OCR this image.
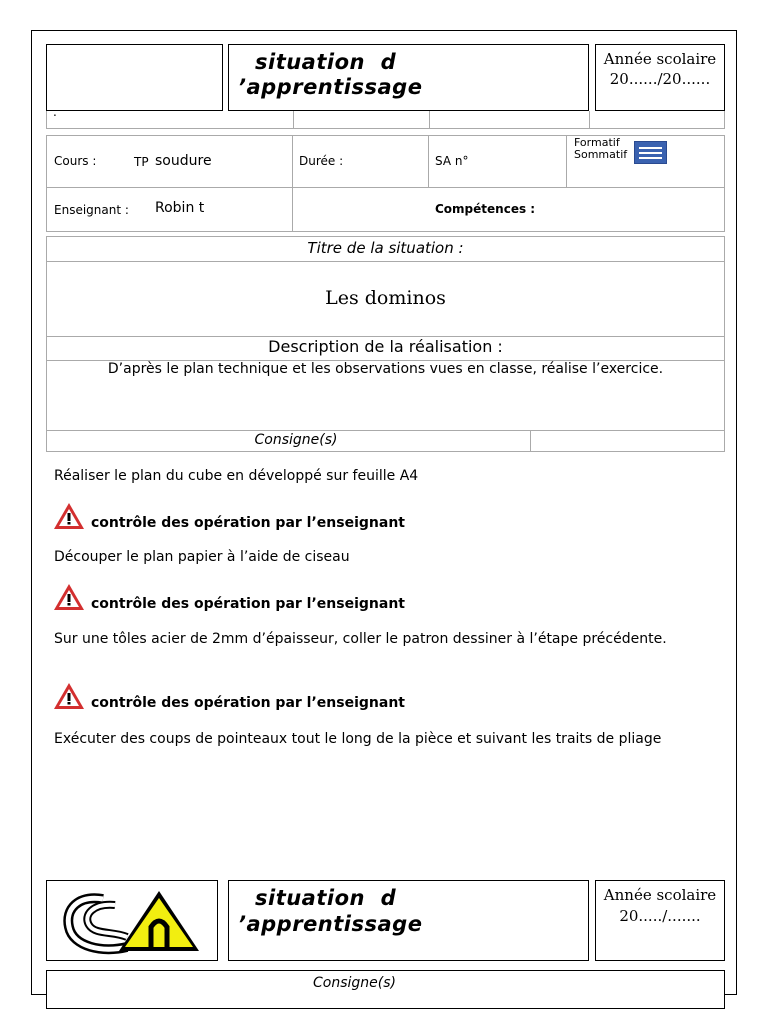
situation  d
’apprentissage
Année scolaire
20....../20......
.
Cours :	TP soudure	Durée :	SA n°
Formatif
Sommatif
Enseignant : Robin t	Compétences :
Titre de la situation :
Les dominos
Description de la réalisation :
D’après le plan technique et les observations vues en classe, réalise l’exercice.
Consigne(s)
Réaliser le plan du cube en développé sur feuille A4
contrôle des opération par l’enseignant
Découper le plan papier à l’aide de ciseau
contrôle des opération par l’enseignant
Sur une tôles acier de 2mm d’épaisseur, coller le patron dessiner à l’étape précédente.
contrôle des opération par l’enseignant
Exécuter des coups de pointeaux tout le long de la pièce et suivant les traits de pliage
situation  d
’apprentissage
Année scolaire
20...../.......
Consigne(s)
